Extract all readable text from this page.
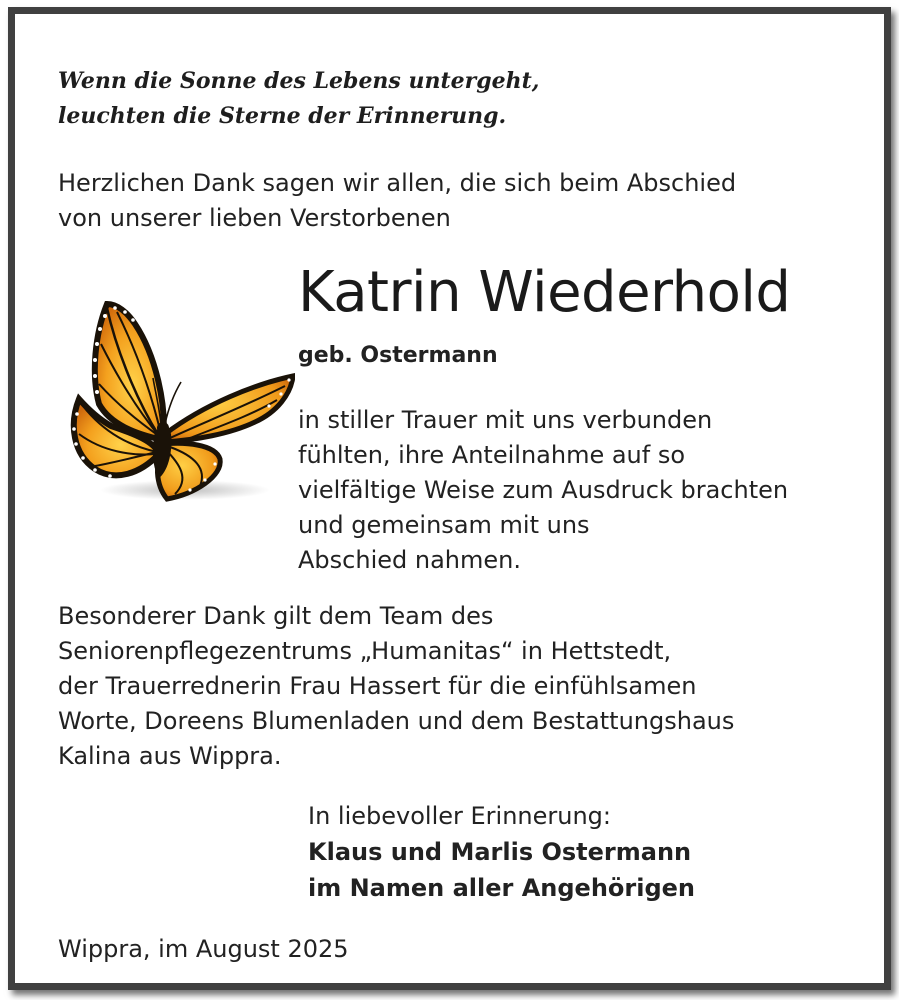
Wenn die Sonne des Lebens untergeht,
leuchten die Sterne der Erinnerung.
Herzlichen Dank sagen wir allen, die sich beim Abschied
von unserer lieben Verstorbenen
Katrin Wiederhold
geb. Ostermann
in stiller Trauer mit uns verbunden
fühlten, ihre Anteilnahme auf so
vielfältige Weise zum Ausdruck brachten
und gemeinsam mit uns
Abschied nahmen.
Besonderer Dank gilt dem Team des
Seniorenpflegezentrums „Humanitas“ in Hettstedt,
der Trauerrednerin Frau Hassert für die einfühlsamen
Worte, Doreens Blumenladen und dem Bestattungshaus
Kalina aus Wippra.
In liebevoller Erinnerung:
Klaus und Marlis Ostermann
im Namen aller Angehörigen
Wippra, im August 2025
